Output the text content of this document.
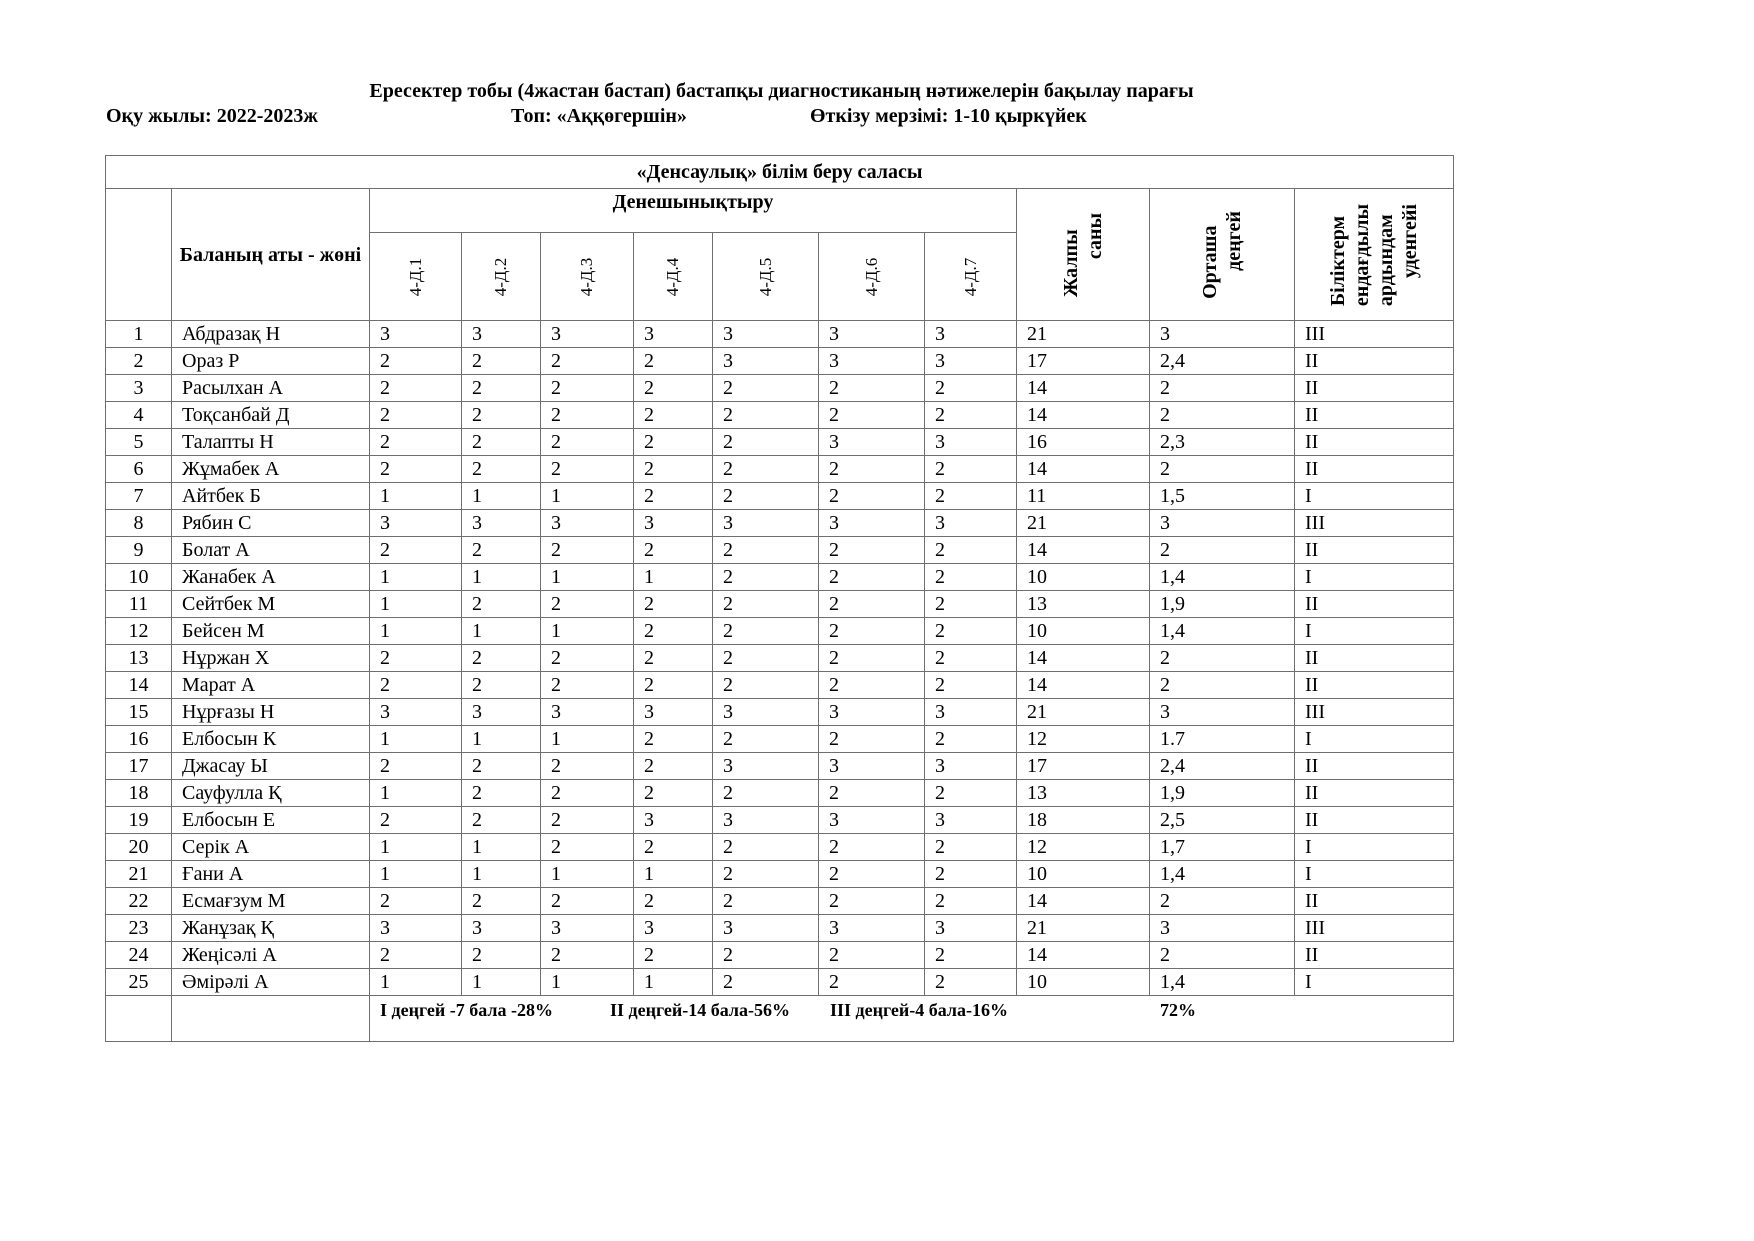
Ересектер тобы (4жастан бастап) бастапқы диагностиканың нәтижелерін бақылау парағы
Оқу жылы: 2022-2023ж	Топ: «Аққөгершін»	Өткізу мерзімі: 1-10 қыркүйек
«Денсаулық» білім беру саласы											
	Баланың аты - жөні	Денешынықтыру							Жалпы саны	Орташа деңгей	Біліктерм ендағдылы ардындам уденгейі

		4-Д.1	4-Д.2	4-Д.3	4-Д.4	4-Д.5	4-Д.6	4-Д.7			

1	Абдразақ Н	3	3	3	3	3	3	3	21	3	III
2	Ораз Р	2	2	2	2	3	3	3	17	2,4	II
3	Расылхан А	2	2	2	2	2	2	2	14	2	II
4	Тоқсанбай Д	2	2	2	2	2	2	2	14	2	II
5	Талапты Н	2	2	2	2	2	3	3	16	2,3	II
6	Жұмабек А	2	2	2	2	2	2	2	14	2	II
7	Айтбек Б	1	1	1	2	2	2	2	11	1,5	I
8	Рябин С	3	3	3	3	3	3	3	21	3	III
9	Болат А	2	2	2	2	2	2	2	14	2	II
10	Жанабек А	1	1	1	1	2	2	2	10	1,4	I
11	Сейтбек М	1	2	2	2	2	2	2	13	1,9	II
12	Бейсен М	1	1	1	2	2	2	2	10	1,4	I
13	Нұржан Х	2	2	2	2	2	2	2	14	2	II
14	Марат А	2	2	2	2	2	2	2	14	2	II
15	Нұрғазы Н	3	3	3	3	3	3	3	21	3	III
16	Елбосын К	1	1	1	2	2	2	2	12	1.7	I
17	Джасау Ы	2	2	2	2	3	3	3	17	2,4	II
18	Сауфулла Қ	1	2	2	2	2	2	2	13	1,9	II
19	Елбосын Е	2	2	2	3	3	3	3	18	2,5	II
20	Серік А	1	1	2	2	2	2	2	12	1,7	I
21	Ғани А	1	1	1	1	2	2	2	10	1,4	I
22	Есмағзум М	2	2	2	2	2	2	2	14	2	II
23	Жанұзақ Қ	3	3	3	3	3	3	3	21	3	III
24	Жеңісәлі А	2	2	2	2	2	2	2	14	2	II
25	Әмірәлі А	1	1	1	1	2	2	2	10	1,4	I

		I деңгей -7 бала -28% II деңгей-14 бала-56% III деңгей-4 бала-16% 72%									
